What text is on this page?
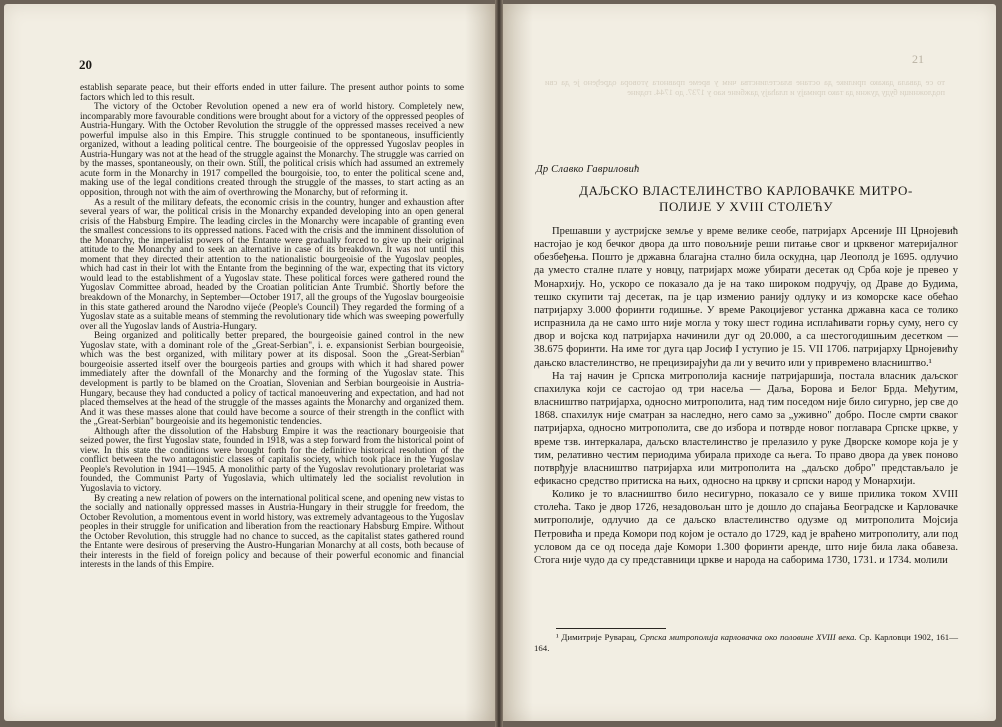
20

establish separate peace, but their efforts ended in utter failure. The present author points to some factors which led to this result.

The victory of the October Revolution opened a new era of world history. Completely new, incomparably more favourable conditions were brought about for a victory of the oppressed peoples of Austria-Hungary. With the October Revolution the struggle of the oppressed masses received a new powerful impulse also in this Empire. This struggle continued to be spontaneous, insufficiently organized, without a leading political centre. The bourgeoisie of the oppressed Yugoslav peoples in Austria-Hungary was not at the head of the struggle against the Monarchy. The struggle was carried on by the masses, spontaneously, on their own. Still, the political crisis which had assumed an extremely acute form in the Monarchy in 1917 compelled the bourgoisie, too, to enter the political scene and, making use of the legal conditions created through the struggle of the masses, to start acting as an opposition, through not with the aim of overthrowing the Monarchy, but of reforming it.

As a result of the military defeats, the economic crisis in the country, hunger and exhaustion after several years of war, the political crisis in the Monarchy expanded developing into an open general crisis of the Habsburg Empire. The leading circles in the Monarchy were incapable of granting even the smallest concessions to its oppressed nations. Faced with the crisis and the imminent dissolution of the Monarchy, the imperialist powers of the Entante were gradually forced to give up their original attitude to the Monarchy and to seek an alternative in case of its breakdown. It was not until this moment that they directed their attention to the nationalistic bourgeoisie of the Yugoslav peoples, which had cast in their lot with the Entante from the beginning of the war, expecting that its victory would lead to the establishment of a Yugoslav state. These political forces were gathered round the Yugoslav Committee abroad, headed by the Croatian politician Ante Trumbić. Shortly before the breakdown of the Monarchy, in September—October 1917, all the groups of the Yugoslav bourgeoisie in this state gathered around the Narodno vijeće (People's Council) They regarded the forming of a Yugoslav state as a suitable means of stemming the revolutionary tide which was sweeping powerfully over all the Yugoslav lands of Austria-Hungary.

Being organized and politically better prepared, the bourgeoisie gained control in the new Yugoslav state, with a dominant role of the „Great-Serbian", i. e. expansionist Serbian bourgeoisie, which was the best organized, with military power at its disposal. Soon the „Great-Serbian" bourgeoisie asserted itself over the bourgeois parties and groups with which it had shared power immediately after the downfall of the Monarchy and the forming of the Yugoslav state. This development is partly to be blamed on the Croatian, Slovenian and Serbian bourgeoisie in Austria-Hungary, because they had conducted a policy of tactical manoeuvering and expectation, and had not placed themselves at the head of the struggle of the masses againts the Monarchy and organized them. And it was these masses alone that could have become a source of their strength in the conflict with the „Great-Serbian" bourgeoisie and its hegemonistic tendencies.

Although after the dissolution of the Habsburg Empire it was the reactionary bourgeoisie that seized power, the first Yugoslav state, founded in 1918, was a step forward from the historical point of view. In this state the conditions were brought forth for the definitive historical resolution of the conflict between the two antagonistic classes of capitalis society, which took place in the Yugoslav People's Revolution in 1941—1945. A monolithic party of the Yugoslav revolutionary proletariat was founded, the Communist Party of Yugoslavia, which ultimately led the socialist revolution in Yugoslavia to victory.

By creating a new relation of powers on the international political scene, and opening new vistas to the socially and nationally oppressed masses in Austria-Hungary in their struggle for freedom, the October Revolution, a momentous event in world history, was extremely advantageous to the Yugoslav peoples in their struggle for unification and liberation from the reactionary Habsburg Empire. Without the October Revolution, this struggle had no chance to succed, as the capitalist states gathered round the Entante were desirous of preserving the Austro-Hungarian Monarchy at all costs, both because of their interests in the field of foreign policy and because of their powerful economic and financial interests in the lands of this Empire.

21
то се давала дакако прилике да остане властелинства чим у време правнога уговора одређено је да сви подложници буду дужни да тако примају и плаћају дажбине као у 1737. до 1744. године
Др Славко Гавриловић
ДАЉСКО ВЛАСТЕЛИНСТВО КАРЛОВАЧКЕ МИТРО-
ПОЛИЈЕ У XVIII СТОЛЕЋУ

Прешавши у аустријске земље у време велике сеобе, патријарх Арсеније III Црнојевић настојао је код бечког двора да што повољније реши питање свог и црквеног материјалног обезбеђења. Пошто је државна благајна стално била оскудна, цар Леополд је 1695. одлучио да уместо сталне плате у новцу, патријарх може убирати десетак од Срба које је превео у Монархију. Но, ускоро се показало да је на тако широком подручју, од Драве до Будима, тешко скупити тај десетак, па је цар изменио ранију одлуку и из коморске касе обећао патријарху 3.000 форинти годишње. У време Ракоцијевог устанка државна каса се толико испразнила да не само што није могла у току шест година исплаћивати горњу суму, него су двор и војска код патријарха начинили дуг од 20.000, а са шестогодишњим десетком — 38.675 форинти. На име тог дуга цар Јосиф I уступио је 15. VII 1706. патријарху Црнојевићу дањско властелинство, не прецизирајући да ли у вечито или у привремено власништво.¹

На тај начин је Српска митрополија касније патријаршија, постала власник даљског спахилука који се састојао од три насеља — Даља, Борова и Белог Брда. Међутим, власништво патријарха, односно митрополита, над тим поседом није било сигурно, јер све до 1868. спахилук није сматран за наследно, него само за „уживно" добро. После смрти сваког патријарха, односно митрополита, све до избора и потврде новог поглавара Српске цркве, у време тзв. интеркалара, даљско властелинство је прелазило у руке Дворске коморе која је у тим, релативно честим периодима убирала приходе са њега. То право двора да увек поново потврђује власништво патријарха или митрополита на „даљско добро" представљало је ефикасно средство притиска на њих, односно на цркву и српски народ у Монархији.

Колико је то власништво било несигурно, показало се у више прилика током XVIII столећа. Тако је двор 1726, незадовољан што је дошло до спајања Београдске и Карловачке митрополије, одлучио да се даљско властелинство одузме од митрополита Мојсија Петровића и преда Комори под којом је остало до 1729, кад је враћено митрополиту, али под условом да се од поседа даје Комори 1.300 форинти аренде, што није била лака обавеза. Стога није чудо да су представници цркве и народа на саборима 1730, 1731. и 1734. молили

¹ Димитрије Руварац, Српска митрополија карловачка око половине XVIII века. Ср. Карловци 1902, 161—164.
